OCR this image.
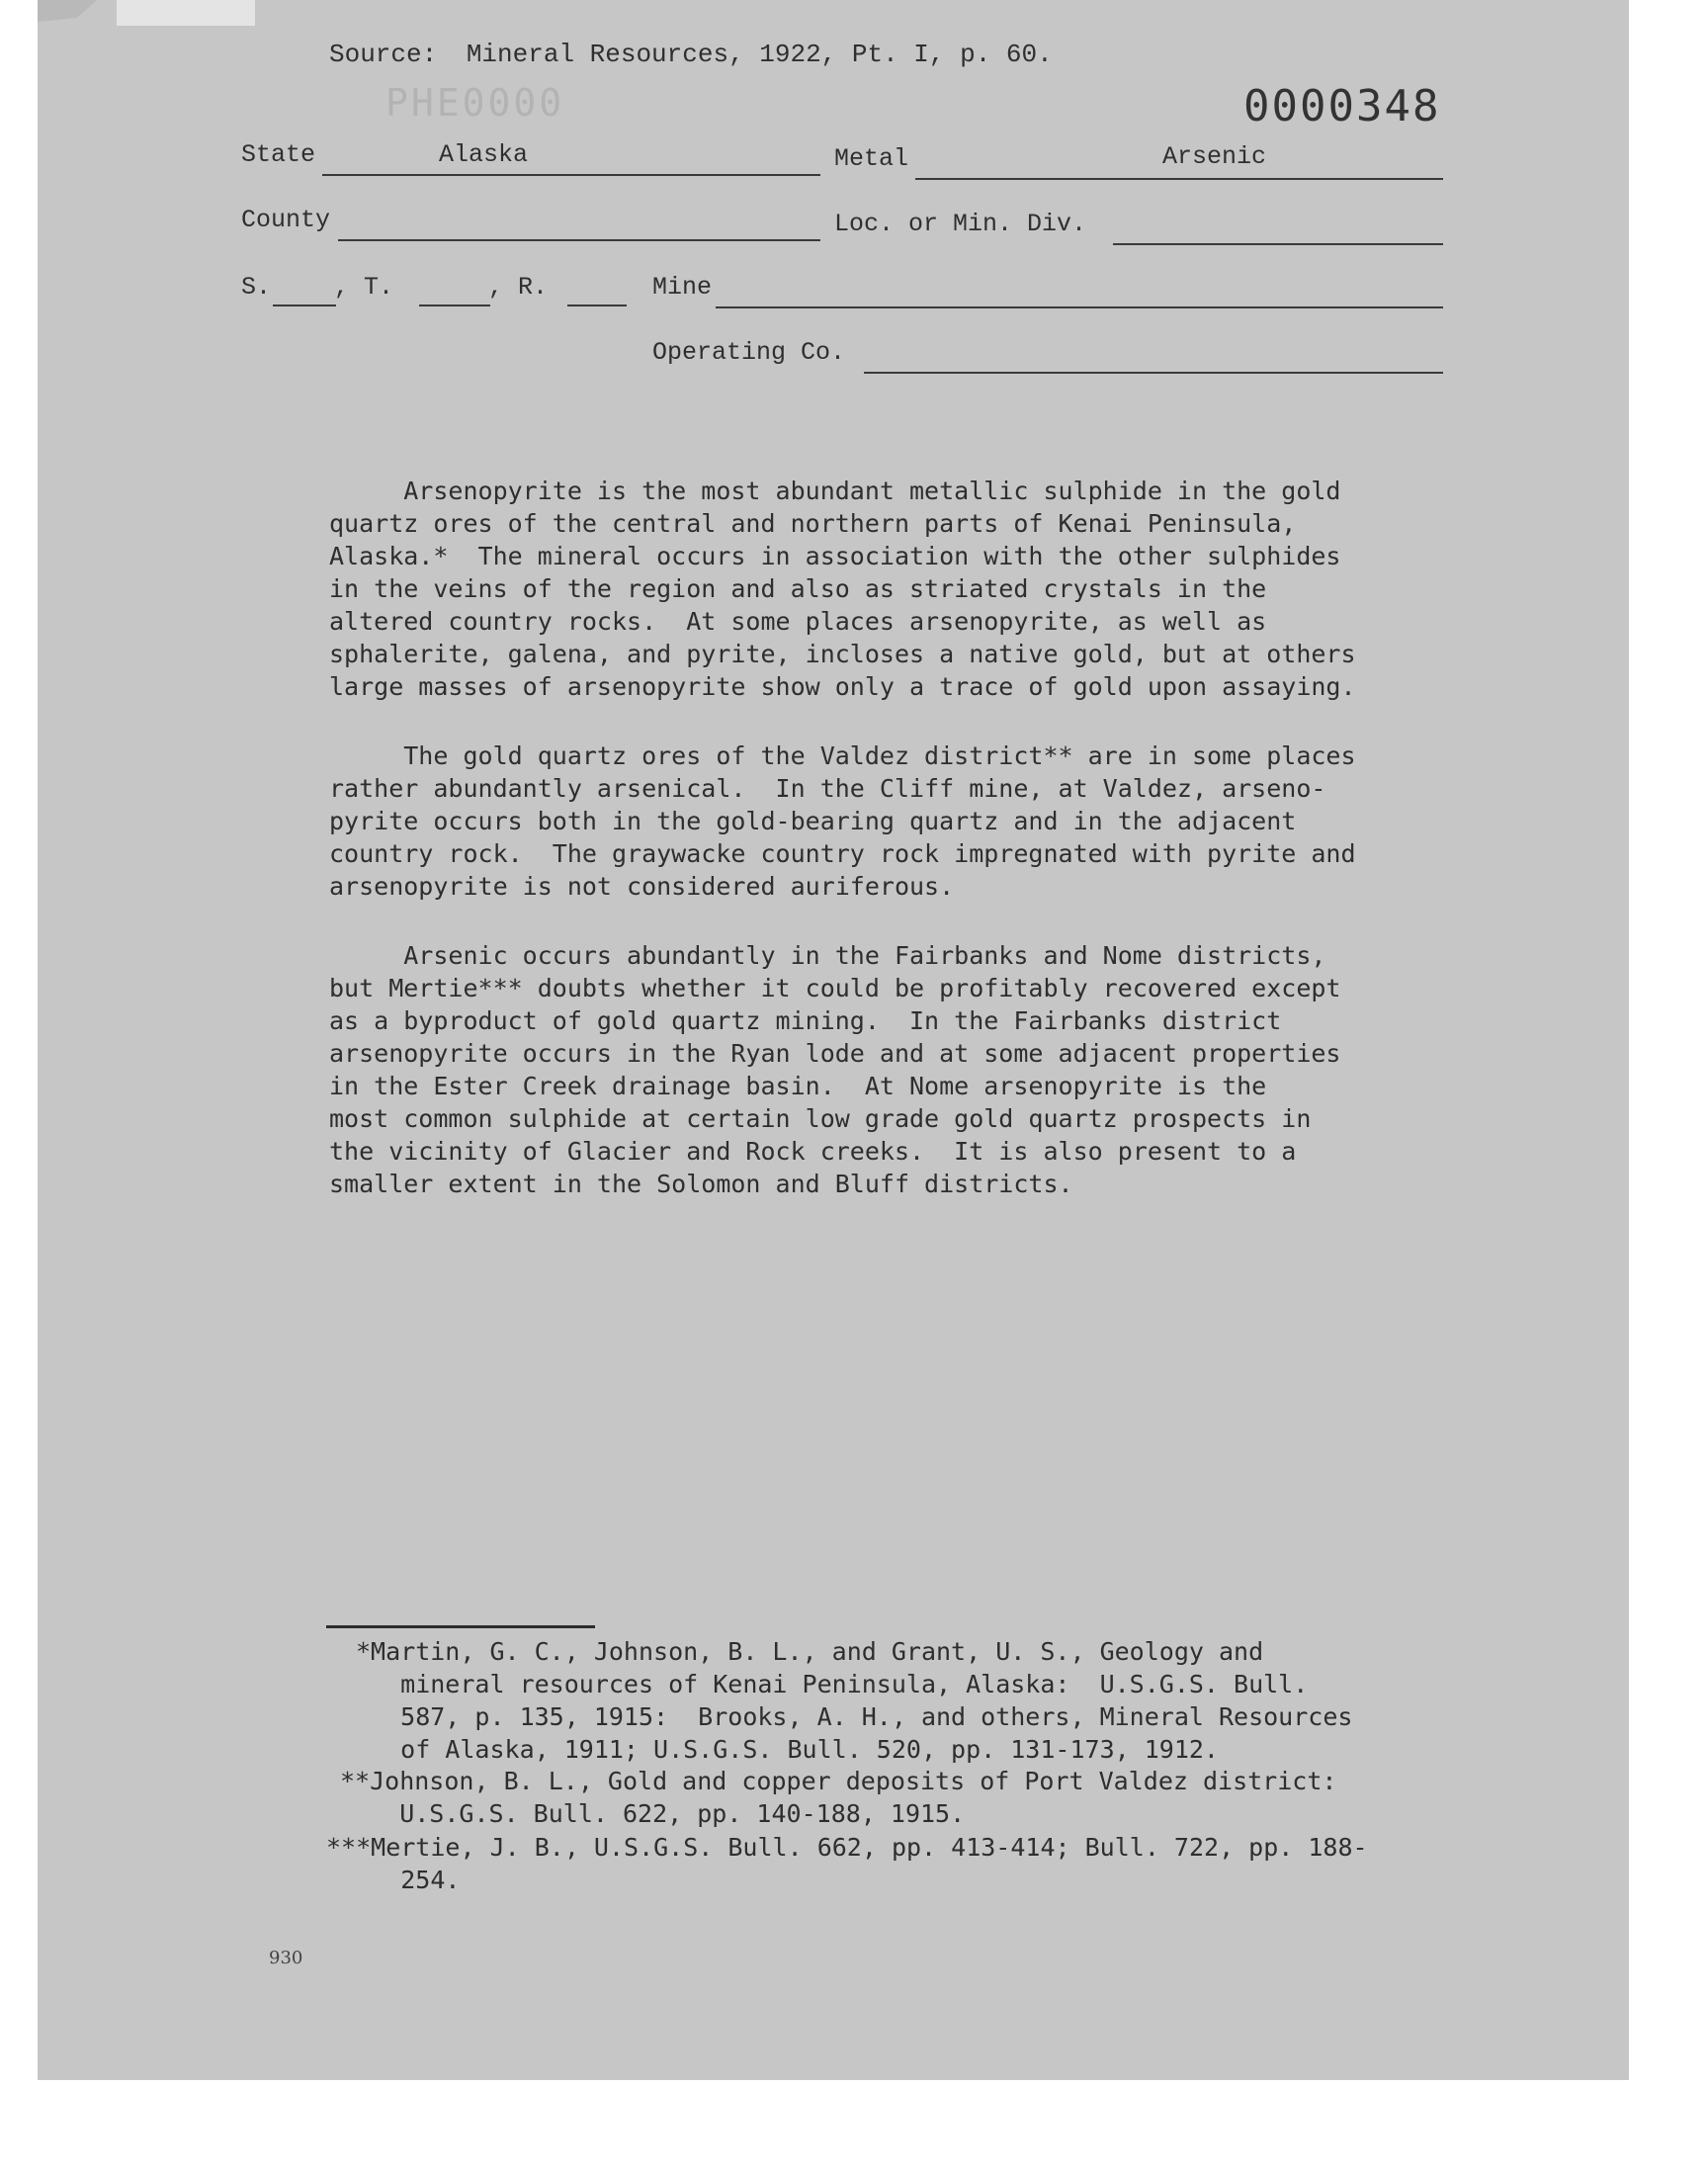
Source: Mineral Resources, 1922, Pt. I, p. 60.
PHE0000	0000348
State	Alaska	Metal	Arsenic
County	Loc. or Min. Div.
S.	, T.	, R.	Mine
Operating Co.
Arsenopyrite is the most abundant metallic sulphide in the gold
quartz ores of the central and northern parts of Kenai Peninsula,
Alaska.*  The mineral occurs in association with the other sulphides
in the veins of the region and also as striated crystals in the
altered country rocks.  At some places arsenopyrite, as well as
sphalerite, galena, and pyrite, incloses a native gold, but at others
large masses of arsenopyrite show only a trace of gold upon assaying.
The gold quartz ores of the Valdez district** are in some places
rather abundantly arsenical.  In the Cliff mine, at Valdez, arseno-
pyrite occurs both in the gold-bearing quartz and in the adjacent
country rock.  The graywacke country rock impregnated with pyrite and
arsenopyrite is not considered auriferous.
Arsenic occurs abundantly in the Fairbanks and Nome districts,
but Mertie*** doubts whether it could be profitably recovered except
as a byproduct of gold quartz mining.  In the Fairbanks district
arsenopyrite occurs in the Ryan lode and at some adjacent properties
in the Ester Creek drainage basin.  At Nome arsenopyrite is the
most common sulphide at certain low grade gold quartz prospects in
the vicinity of Glacier and Rock creeks.  It is also present to a
smaller extent in the Solomon and Bluff districts.
*Martin, G. C., Johnson, B. L., and Grant, U. S., Geology and
mineral resources of Kenai Peninsula, Alaska:  U.S.G.S. Bull.
587, p. 135, 1915:  Brooks, A. H., and others, Mineral Resources
of Alaska, 1911; U.S.G.S. Bull. 520, pp. 131-173, 1912.
**Johnson, B. L., Gold and copper deposits of Port Valdez district:
U.S.G.S. Bull. 622, pp. 140-188, 1915.
***Mertie, J. B., U.S.G.S. Bull. 662, pp. 413-414; Bull. 722, pp. 188-
254.
930
